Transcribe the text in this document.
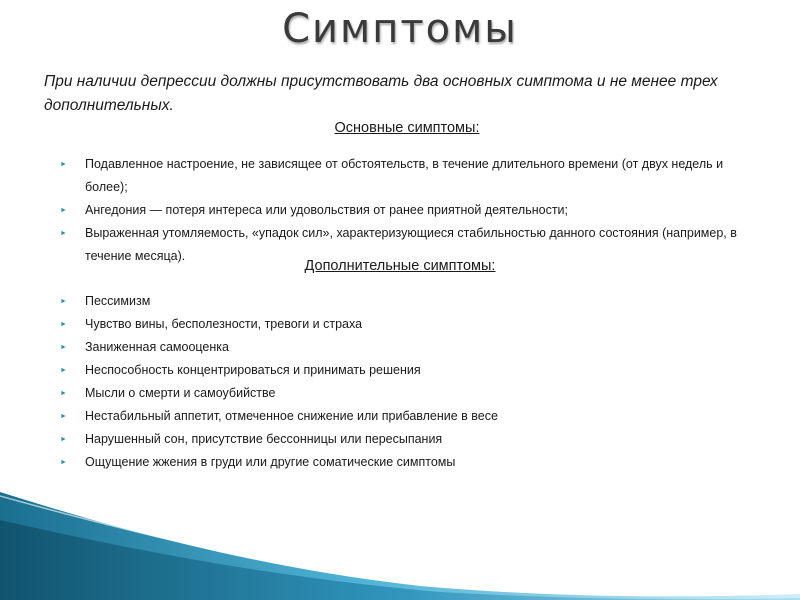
Симптомы
При наличии депрессии должны присутствовать два основных симптома и не менее трех дополнительных.
Основные симптомы:
► Подавленное настроение, не зависящее от обстоятельств, в течение длительного времени (от двух недель и более);
► Ангедония — потеря интереса или удовольствия от ранее приятной деятельности;
► Выраженная утомляемость, «упадок сил», характеризующиеся стабильностью данного состояния (например, в течение месяца).
Дополнительные симптомы:
► Пессимизм
► Чувство вины, бесполезности, тревоги и страха
► Заниженная самооценка
► Неспособность концентрироваться и принимать решения
► Мысли о смерти и самоубийстве
► Нестабильный аппетит, отмеченное снижение или прибавление в весе
► Нарушенный сон, присутствие бессонницы или пересыпания
► Ощущение жжения в груди или другие соматические симптомы
